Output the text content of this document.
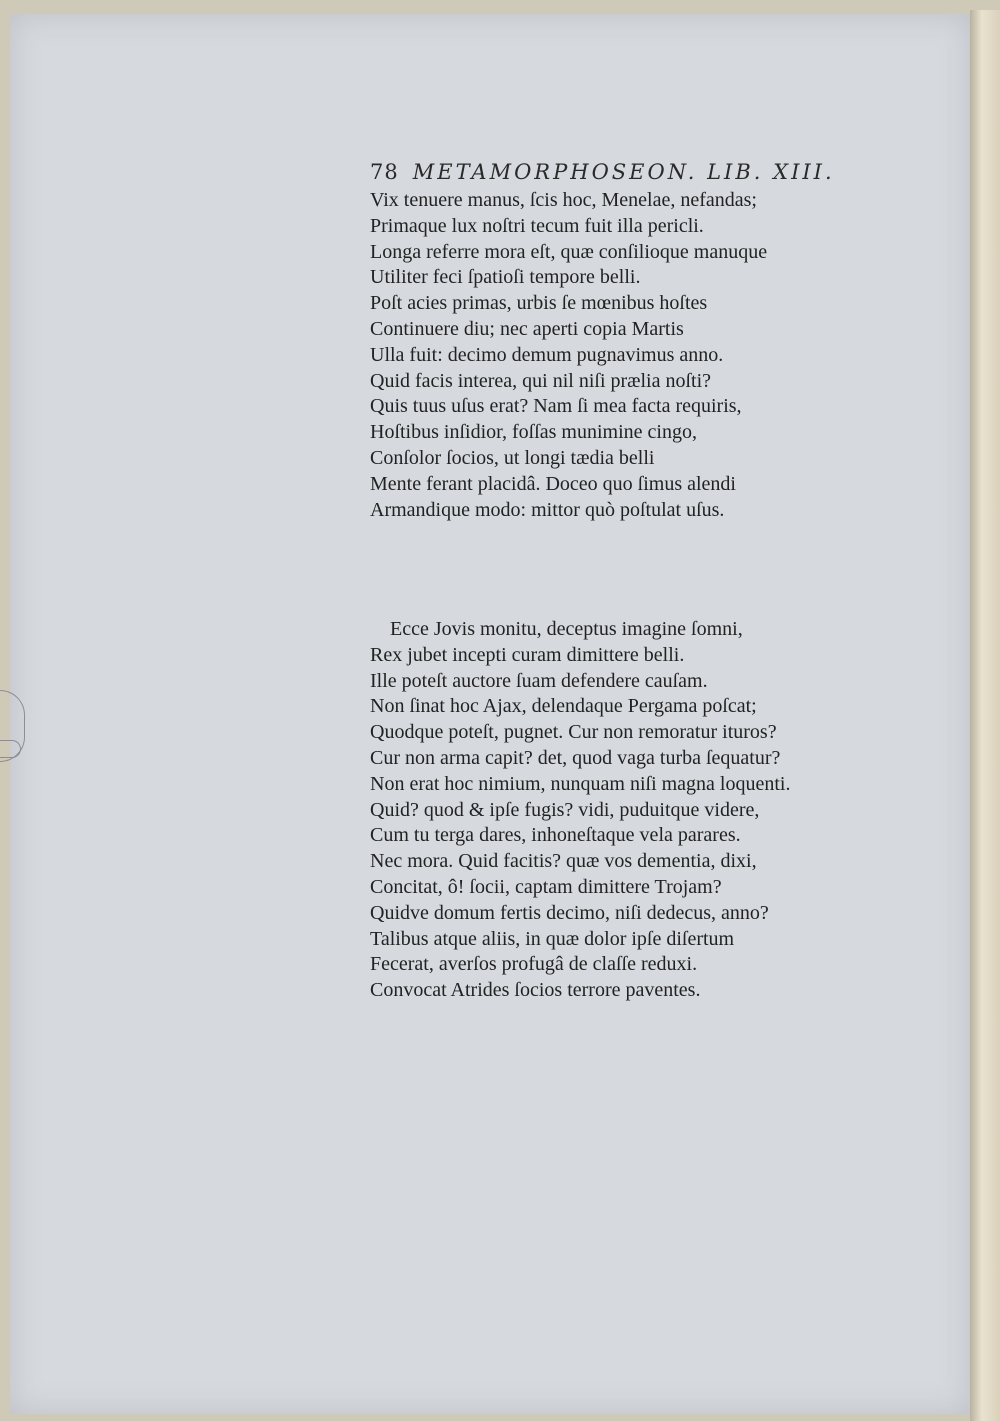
78 METAMORPHOSEON. LIB. XIII.

Vix tenuere manus, ſcis hoc, Menelae, nefandas;

Primaque lux noſtri tecum fuit illa pericli.

Longa referre mora eſt, quæ conſilioque manuque

Utiliter feci ſpatioſi tempore belli.

Poſt acies primas, urbis ſe mœnibus hoſtes

Continuere diu; nec aperti copia Martis

Ulla fuit: decimo demum pugnavimus anno.

Quid facis interea, qui nil niſi prælia noſti?

Quis tuus uſus erat? Nam ſi mea facta requiris,

Hoſtibus inſidior, foſſas munimine cingo,

Conſolor ſocios, ut longi tædia belli

Mente ferant placidâ. Doceo quo ſimus alendi

Armandique modo: mittor quò poſtulat uſus.

Ecce Jovis monitu, deceptus imagine ſomni,

Rex jubet incepti curam dimittere belli.

Ille poteſt auctore ſuam defendere cauſam.

Non ſinat hoc Ajax, delendaque Pergama poſcat;

Quodque poteſt, pugnet. Cur non remoratur ituros?

Cur non arma capit? det, quod vaga turba ſequatur?

Non erat hoc nimium, nunquam niſi magna loquenti.

Quid? quod & ipſe fugis? vidi, puduitque videre,

Cum tu terga dares, inhoneſtaque vela parares.

Nec mora. Quid facitis? quæ vos dementia, dixi,

Concitat, ô! ſocii, captam dimittere Trojam?

Quidve domum fertis decimo, niſi dedecus, anno?

Talibus atque aliis, in quæ dolor ipſe diſertum

Fecerat, averſos profugâ de claſſe reduxi.

Convocat Atrides ſocios terrore paventes.
